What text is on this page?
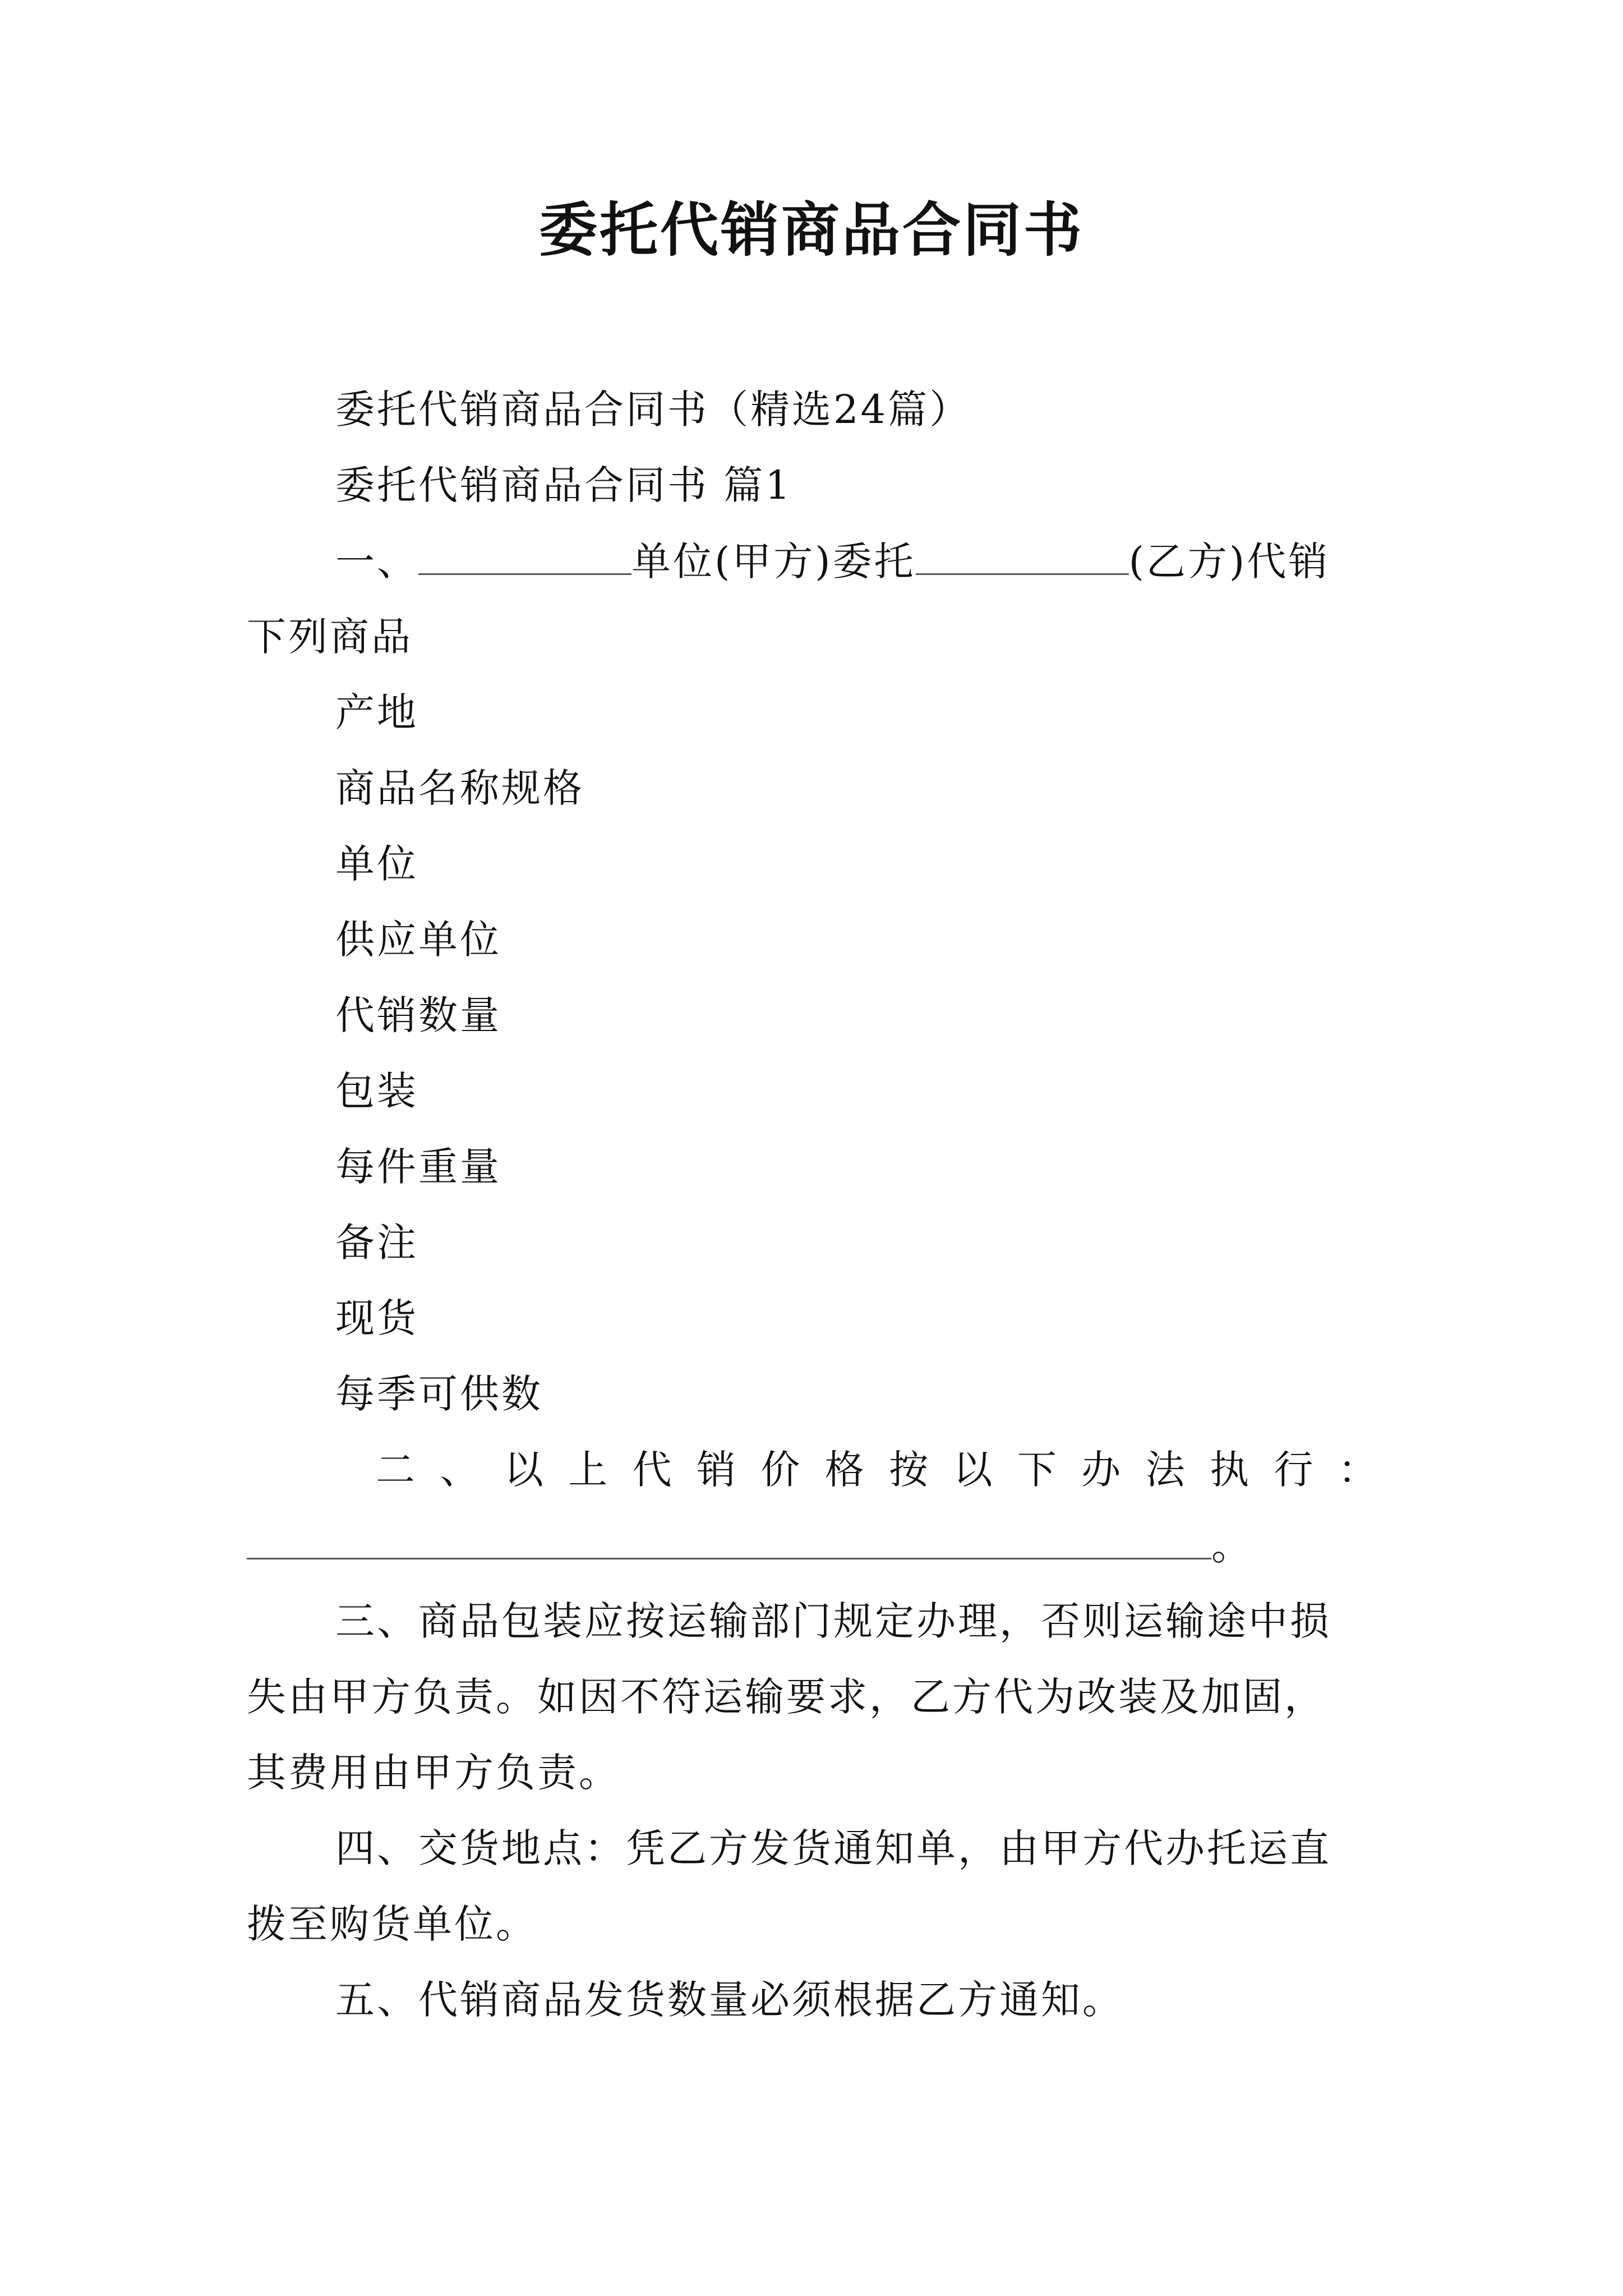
委托代销商品合同书
委托代销商品合同书（精选24篇）
委托代销商品合同书 篇1
一、	单位(甲方)委托	(乙方)代销
下列商品
产地
商品名称规格
单位
供应单位
代销数量
包装
每件重量
备注
现货
每季可供数
二 、 以 上 代 销 价 格 按 以 下 办 法 执 行 ：
。
三、商品包装应按运输部门规定办理，否则运输途中损
失由甲方负责。如因不符运输要求，乙方代为改装及加固，
其费用由甲方负责。
四、交货地点：凭乙方发货通知单，由甲方代办托运直
拨至购货单位。
五、代销商品发货数量必须根据乙方通知。
